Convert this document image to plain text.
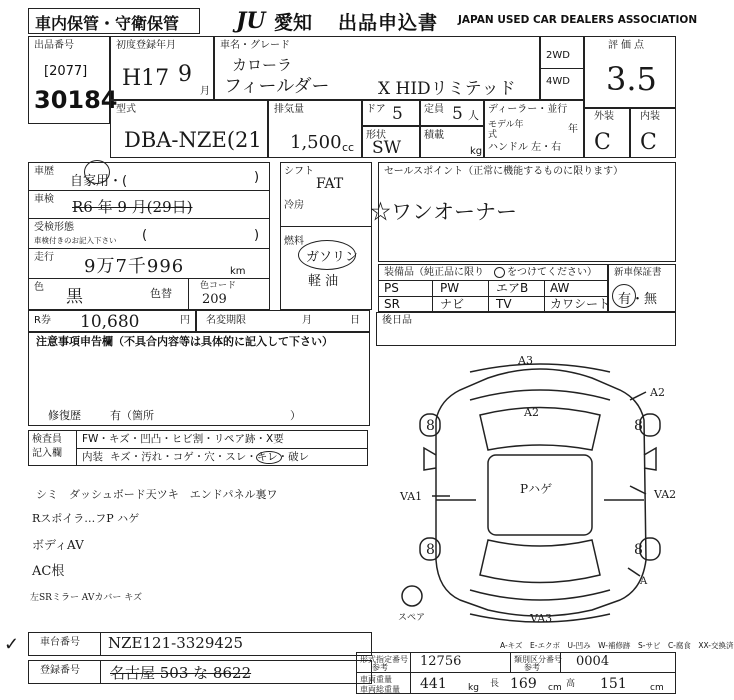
車内保管・守衛保管	JU 愛知 出品申込書 JAPAN USED CAR DEALERS ASSOCIATION
出品番号
[2077]
30184
初度登録年月
H17 9
月
車名・グレード
カローラ
フィールダー	X HIDリミテッド
2WD
4WD
評価点
3.5
型式
DBA-NZE(21
排気量
1,500 cc
ドア 5 定員 5 人
形状
SW
積載
kg
ディーラー・並行
モデル年式	年
ハンドル 左・右
外装	内装
C C
車歴
自家用・(	)
車検 R6 年 9 月(29日)
受検形態
車検付きのお記入下さい (	)
走行 9万7千996	km
色 黒	色替
色コード
209
シフト
FAT
冷房
燃料
ガソリン
軽 油
セールスポイント（正常に機能するものに限ります）
☆ワンオーナー
装備品（純正品に限り ○ をつけてください）
PS	PW	エアB AW
SR	ナビ	TV	カワシート
新車保証書
有・無
R券 10,680	円 名変期限	月	日 後日品
注意事項申告欄（不具合内容等は具体的に記入して下さい）
修復歴	有（箇所	）
検査員
記入欄
FW・キズ・凹凸・ヒビ割・リペア跡・X要
内装 キズ・汚れ・コゲ・穴・スレ・キレ・破レ
シミ　ダッシュボード天ツキ　エンドパネル裏ワ
Rスポイラ…フP ハゲ
ボディAV
AC根
左SRミラー AVカバー キズ
A3
A2
A2
Pハゲ
VA1	VA2
A
VA3
8	8
8	8
スペア
A-キズ　E-エクボ　U-凹み　W-補修跡　S-サビ　C-腐食　XX-交換済
✓ 車台番号 NZE121-3329425
登録番号 名古屋 503 な 8622
形式指定番号
参考 12756	類別区分番号
参考	0004
車両重量
車両総重量 441 kg 長 169 cm 高 151	cm
